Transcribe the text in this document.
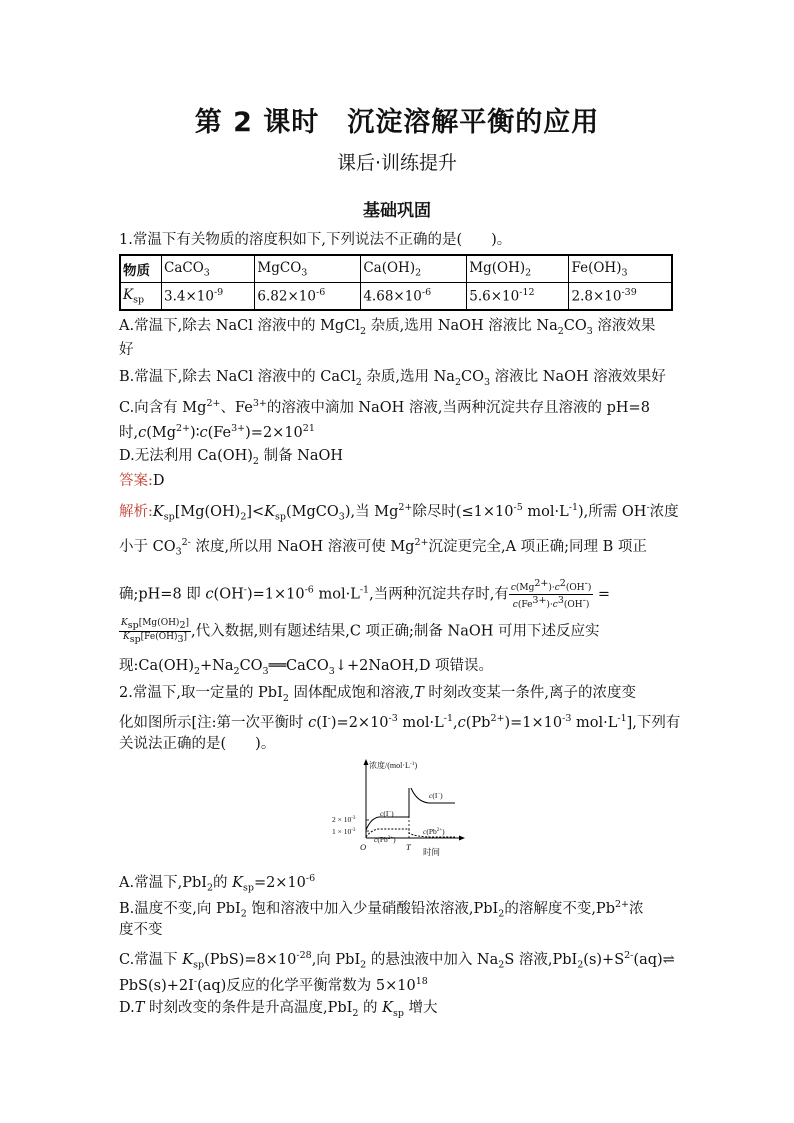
第 2 课时　沉淀溶解平衡的应用
课后·训练提升
基础巩固
1.常温下有关物质的溶度积如下,下列说法不正确的是(　　)。
物质	CaCO$_3$	MgCO$_3$	$Ca(OH)_2$	$Mg(OH)_2$	$Fe(OH)_3$
$K_{sp}$	$3.4\times 10^{-9}$	$6.82\times 10^{-6}$	$4.68\times 10^{-6}$	$5.6\times 10^{-12}$	$2.8\times 10^{-39}$
A.常温下,除去 NaCl 溶液中的 MgCl$_2$ 杂质,选用 NaOH 溶液比 $Na_2CO_3$ 溶液效果
好
B.常温下,除去 NaCl 溶液中的 CaCl$_2$ 杂质,选用 $Na_2CO_3$ 溶液比 NaOH 溶液效果好
C.向含有 $Mg^{2+}$、$Fe^{3+}$的溶液中滴加 NaOH 溶液,当两种沉淀共存且溶液的 pH=8
时$,c(Mg^{2+})∶c(Fe^{3+})=2\times 10^{21}$
D.无法利用 $Ca(OH)_2$ 制备 NaOH
答案:D
解析$:K_{sp}[Mg(OH)_2]<K_{sp}(MgCO_3)$,当 $Mg^{2+}$除尽时($\le 1\times 10^{-5}$ $mol\cdot L^{-1}$),所需 OH-浓度
小于 $CO_3^{2-}$ 浓度,所以用 NaOH 溶液可使 $Mg^{2+}$沉淀更完全,A 项正确;同理 B 项正
确;pH=8 即 $c(OH^-)=1\times 10^{-6}$ $mol\cdot L^{-1}$,当两种沉淀共存时,有 $\frac{c(Mg^{2+})\cdot c^2(OH^-)}{c(Fe^{3+})\cdot c^3(OH^-)}$ =
$\frac{K_{sp}[Mg(OH)_2]}{K_{sp}[Fe(OH)_3]}$ ,代入数据,则有题述结果,C 项正确;制备 NaOH 可用下述反应实
现$:Ca(OH)_2+Na_2CO_3══CaCO_3↓+2NaOH,D$ 项错误。
2.常温下,取一定量的 PbI$_2$ 固体配成饱和溶液,T 时刻改变某一条件,离子的浓度变
化如图所示[注:第一次平衡时 $c(I^-)=2\times 10^{-3}$ $mol\cdot L^{-1},c(Pb^{2+})=1\times 10^{-3}$ $mol\cdot L^{-1}$],下列有
关说法正确的是(　　)。
浓度$/(mol\cdot L^{-1})$
时间
O	T
$2 \times 10^{-3}$
$1 \times 10^{-3}$
c(I−)
c(I−)
$c(Pb^{2+})$
$c(Pb^{2+})$
A.常温下,PbI$_2$的 $K_{sp}=2\times 10^{-6}$
B.温度不变,向 PbI$_2$ 饱和溶液中加入少量硝酸铅浓溶液,PbI$_2$的溶解度不变$,Pb^{2+}$浓
度不变
C.常温下 $K_{sp}(PbS)=8\times 10^{-28}$,向 PbI$_2$ 的悬浊液中加入 $Na_2S$ 溶液$,PbI_2(s)+S^{2-}(aq)\rightleftharpoons$
PbS(s)+2I-(aq)反应的化学平衡常数为 $5\times 10^{18}$
D.T 时刻改变的条件是升高温度,PbI$_2$ 的 $K_{sp}$ 增大
